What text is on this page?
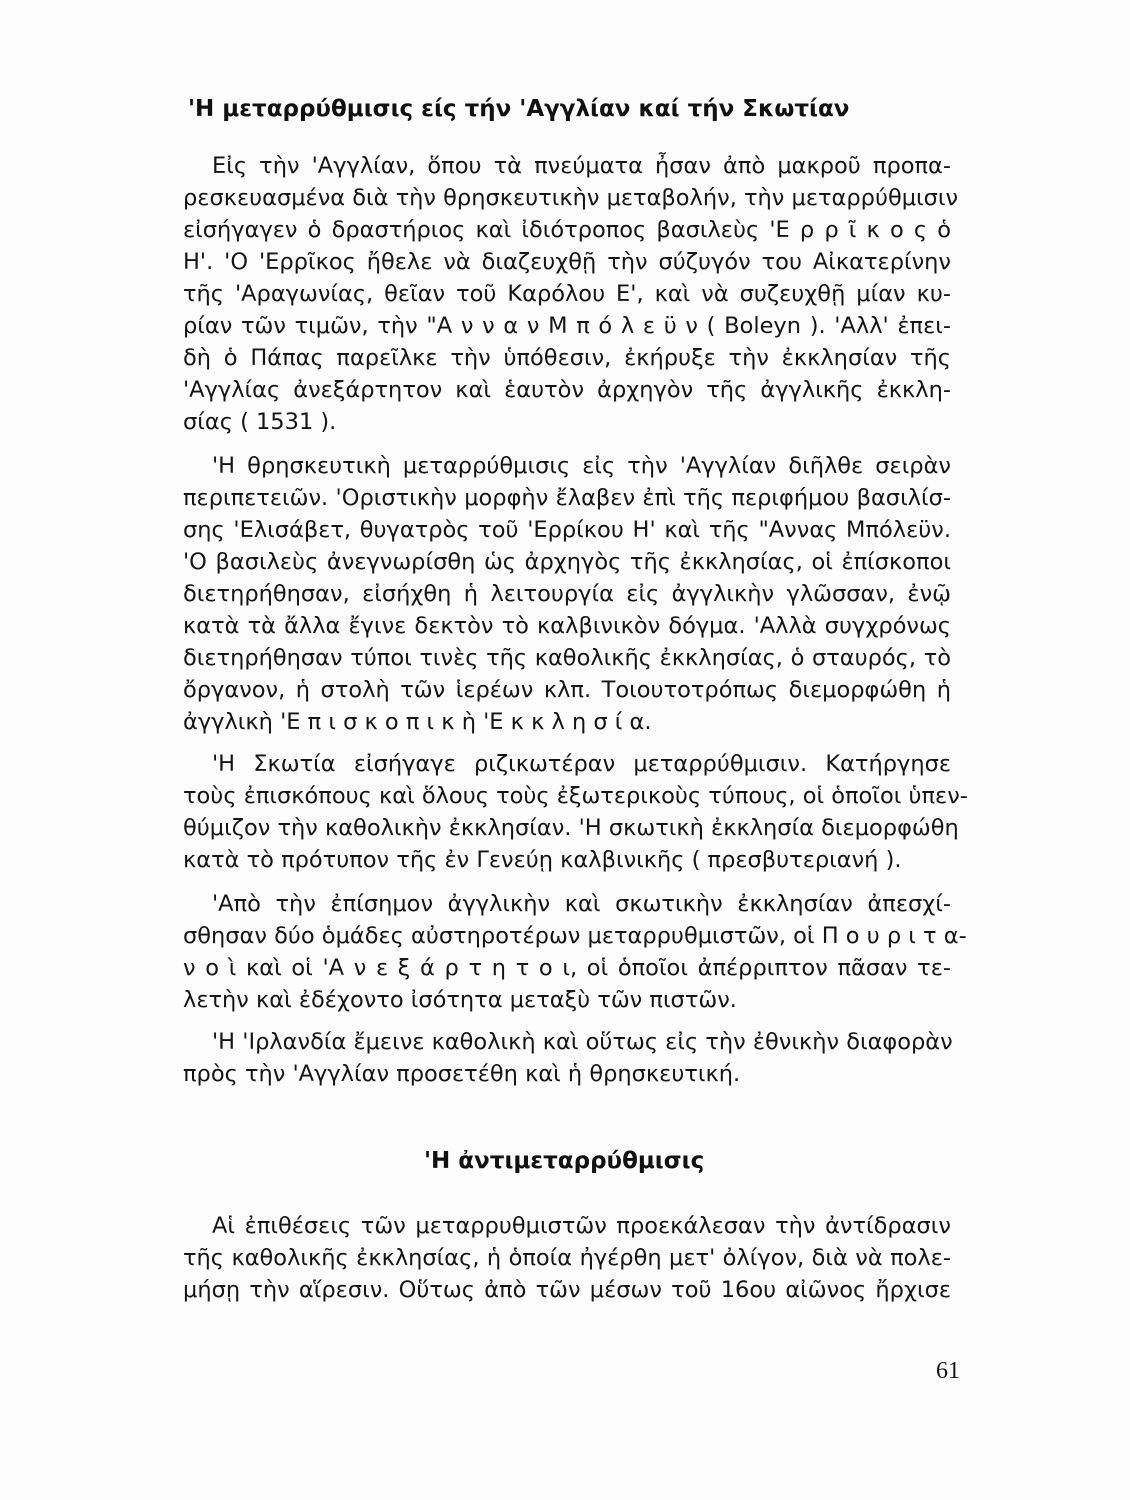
'Η μεταρρύθμισις είς τήν 'Αγγλίαν καί τήν Σκωτίαν
Εἰς τὴν 'Αγγλίαν, ὅπου τὰ πνεύματα ἦσαν ἀπὸ μακροῦ προπα-
ρεσκευασμένα διὰ τὴν θρησκευτικὴν μεταβολήν, τὴν μεταρρύθμισιν
εἰσήγαγεν ὁ δραστήριος καὶ ἰδιότροπος βασιλεὺς 'Ε ρ ρ ῖ κ ο ς ὁ
Η'. 'Ο 'Ερρῖκος ἤθελε νὰ διαζευχθῇ τὴν σύζυγόν του Αἰκατερίνην
τῆς 'Αραγωνίας, θεῖαν τοῦ Καρόλου Ε', καὶ νὰ συζευχθῇ μίαν κυ-
ρίαν τῶν τιμῶν, τὴν "Α ν ν α ν Μ π ό λ ε ϋ ν ( Boleyn ). 'Αλλ' ἐπει-
δὴ ὁ Πάπας παρεῖλκε τὴν ὑπόθεσιν, ἐκήρυξε τὴν ἐκκλησίαν τῆς
'Αγγλίας ἀνεξάρτητον καὶ ἑαυτὸν ἀρχηγὸν τῆς ἀγγλικῆς ἐκκλη-
σίας ( 1531 ).
'Η θρησκευτικὴ μεταρρύθμισις εἰς τὴν 'Αγγλίαν διῆλθε σειρὰν
περιπετειῶν. 'Οριστικὴν μορφὴν ἔλαβεν ἐπὶ τῆς περιφήμου βασιλίσ-
σης 'Ελισάβετ, θυγατρὸς τοῦ 'Ερρίκου Η' καὶ τῆς "Αννας Μπόλεϋν.
'Ο βασιλεὺς ἀνεγνωρίσθη ὡς ἀρχηγὸς τῆς ἐκκλησίας, οἱ ἐπίσκοποι
διετηρήθησαν, εἰσήχθη ἡ λειτουργία εἰς ἀγγλικὴν γλῶσσαν, ἐνῷ
κατὰ τὰ ἄλλα ἔγινε δεκτὸν τὸ καλβινικὸν δόγμα. 'Αλλὰ συγχρόνως
διετηρήθησαν τύποι τινὲς τῆς καθολικῆς ἐκκλησίας, ὁ σταυρός, τὸ
ὄργανον, ἡ στολὴ τῶν ἱερέων κλπ. Τοιουτοτρόπως διεμορφώθη ἡ
ἀγγλικὴ 'Ε π ι σ κ ο π ι κ ὴ 'Ε κ κ λ η σ ί α.
'Η Σκωτία εἰσήγαγε ριζικωτέραν μεταρρύθμισιν. Κατήργησε
τοὺς ἐπισκόπους καὶ ὅλους τοὺς ἐξωτερικοὺς τύπους, οἱ ὁποῖοι ὑπεν-
θύμιζον τὴν καθολικὴν ἐκκλησίαν. 'Η σκωτικὴ ἐκκλησία διεμορφώθη
κατὰ τὸ πρότυπον τῆς ἐν Γενεύῃ καλβινικῆς ( πρεσβυτεριανή ).
'Απὸ τὴν ἐπίσημον ἀγγλικὴν καὶ σκωτικὴν ἐκκλησίαν ἀπεσχί-
σθησαν δύο ὁμάδες αὐστηροτέρων μεταρρυθμιστῶν, οἱ Π ο υ ρ ι τ α-
ν ο ὶ καὶ οἱ 'Α ν ε ξ ά ρ τ η τ ο ι, οἱ ὁποῖοι ἀπέρριπτον πᾶσαν τε-
λετὴν καὶ ἐδέχοντο ἰσότητα μεταξὺ τῶν πιστῶν.
'Η 'Ιρλανδία ἔμεινε καθολικὴ καὶ οὕτως εἰς τὴν ἐθνικὴν διαφορὰν
πρὸς τὴν 'Αγγλίαν προσετέθη καὶ ἡ θρησκευτική.
'Η ἀντιμεταρρύθμισις
Αἱ ἐπιθέσεις τῶν μεταρρυθμιστῶν προεκάλεσαν τὴν ἀντίδρασιν
τῆς καθολικῆς ἐκκλησίας, ἡ ὁποία ἠγέρθη μετ' ὀλίγον, διὰ νὰ πολε-
μήσῃ τὴν αἵρεσιν. Οὕτως ἀπὸ τῶν μέσων τοῦ 16ου αἰῶνος ἤρχισε
61
